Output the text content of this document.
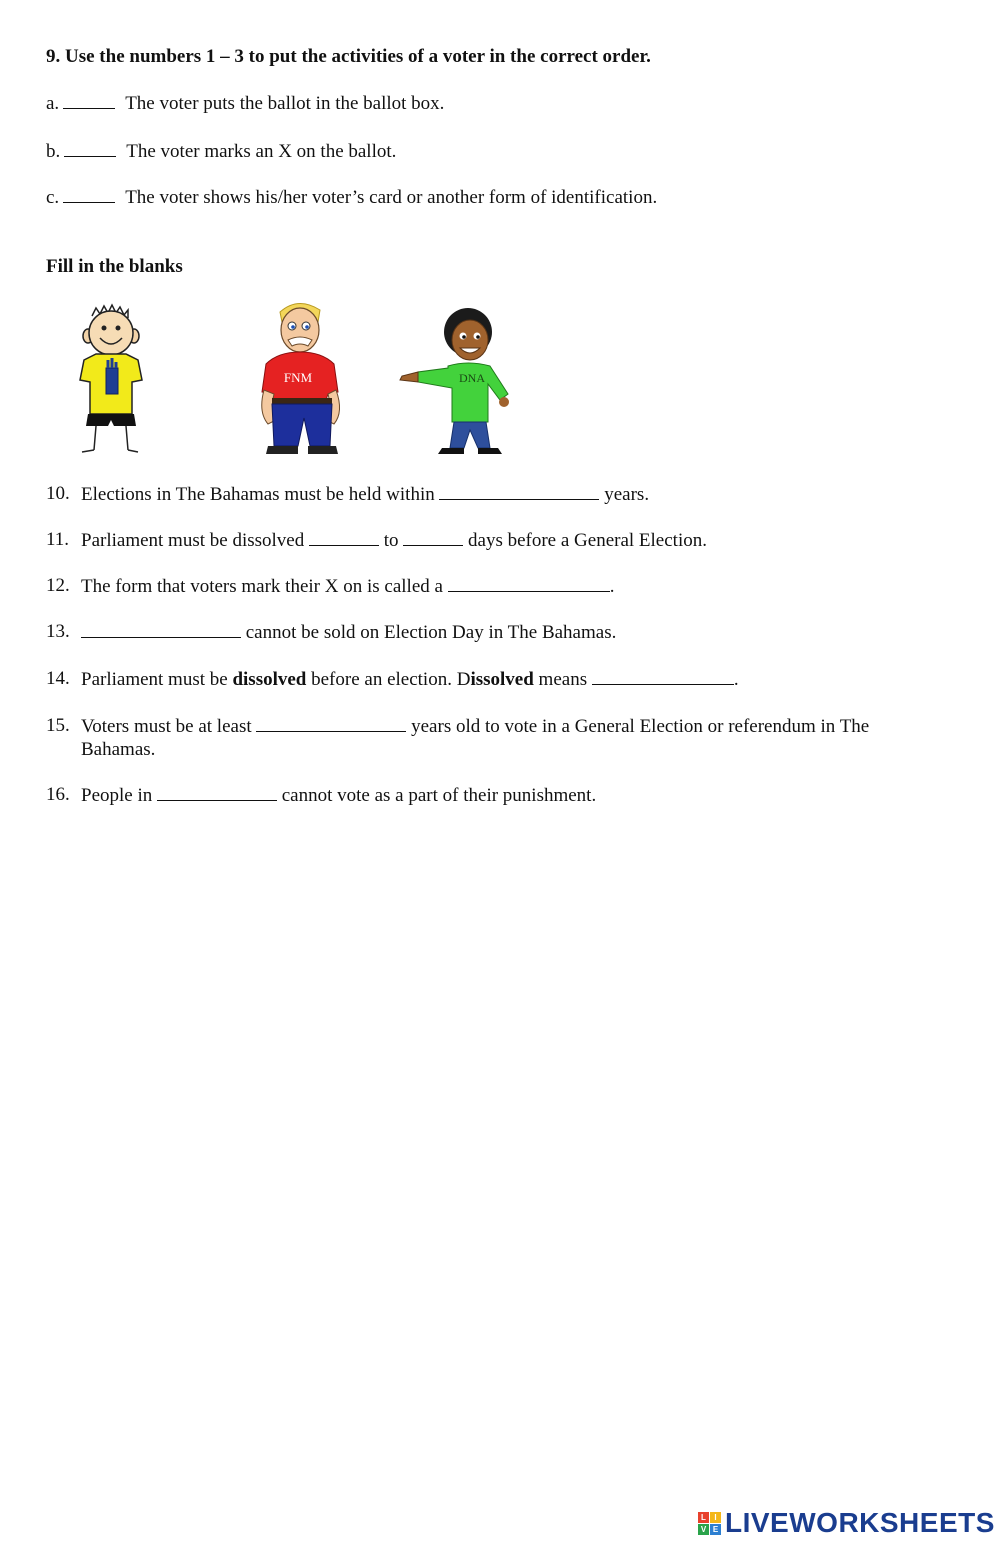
9. Use the numbers 1 – 3 to put the activities of a voter in the correct order.
a.	The voter puts the ballot in the ballot box.
b.	The voter marks an X on the ballot.
c.	The voter shows his/her voter’s card or another form of identification.
Fill in the blanks
FNM	DNA
10. Elections in The Bahamas must be held within	years.
11. Parliament must be dissolved	to	days before a General Election.
12. The form that voters mark their X on is called a	.
13.	cannot be sold on Election Day in The Bahamas.
14. Parliament must be dissolved before an election. Dissolved means	.
15. Voters must be at least	years old to vote in a General Election or referendum in The Bahamas.
16. People in	cannot vote as a part of their punishment.
L	I
V E LIVEWORKSHEETS
